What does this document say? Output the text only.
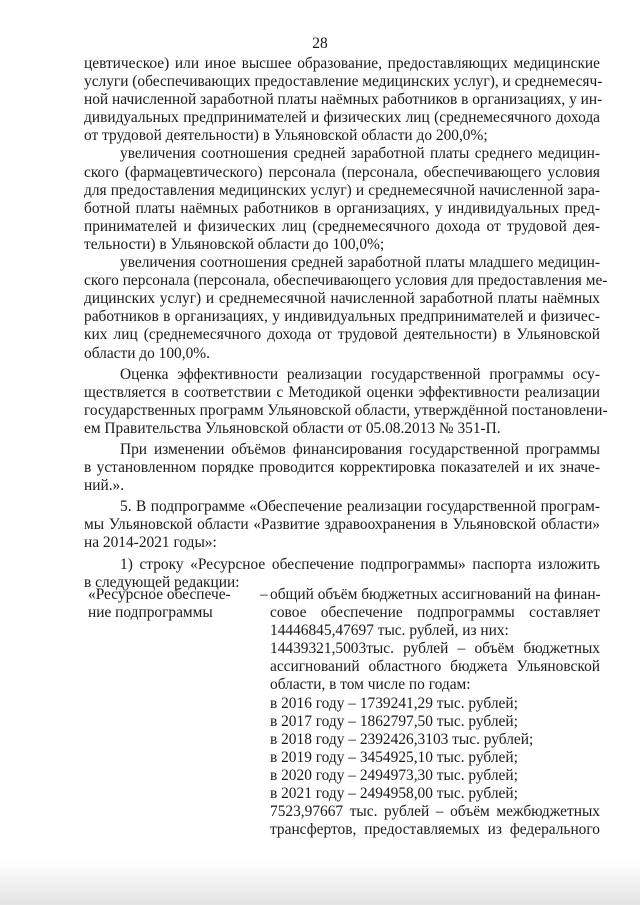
28
цевтическое) или иное высшее образование, предоставляющих медицинские
услуги (обеспечивающих предоставление медицинских услуг), и среднемесяч-
ной начисленной заработной платы наёмных работников в организациях, у ин-
дивидуальных предпринимателей и физических лиц (среднемесячного дохода
от трудовой деятельности) в Ульяновской области до 200,0%;
увеличения соотношения средней заработной платы среднего медицин-
ского (фармацевтического) персонала (персонала, обеспечивающего условия
для предоставления медицинских услуг) и среднемесячной начисленной зара-
ботной платы наёмных работников в организациях, у индивидуальных пред-
принимателей и физических лиц (среднемесячного дохода от трудовой дея-
тельности) в Ульяновской области до 100,0%;
увеличения соотношения средней заработной платы младшего медицин-
ского персонала (персонала, обеспечивающего условия для предоставления ме-
дицинских услуг) и среднемесячной начисленной заработной платы наёмных
работников в организациях, у индивидуальных предпринимателей и физичес-
ких лиц (среднемесячного дохода от трудовой деятельности) в Ульяновской
области до 100,0%.
Оценка эффективности реализации государственной программы осу-
ществляется в соответствии с Методикой оценки эффективности реализации
государственных программ Ульяновской области, утверждённой постановлени-
ем Правительства Ульяновской области от 05.08.2013 № 351-П.
При изменении объёмов финансирования государственной программы
в установленном порядке проводится корректировка показателей и их значе-
ний.».
5. В подпрограмме «Обеспечение реализации государственной програм-
мы Ульяновской области «Развитие здравоохранения в Ульяновской области»
на 2014-2021 годы»:
1) строку «Ресурсное обеспечение подпрограммы» паспорта изложить
в следующей редакции:
«Ресурсное обеспече-
ние подпрограммы
– общий объём бюджетных ассигнований на финан-
совое обеспечение подпрограммы составляет
14446845,47697 тыс. рублей, из них:
14439321,5003тыс. рублей – объём бюджетных
ассигнований областного бюджета Ульяновской
области, в том числе по годам:
в 2016 году – 1739241,29 тыс. рублей;
в 2017 году – 1862797,50 тыс. рублей;
в 2018 году – 2392426,3103 тыс. рублей;
в 2019 году – 3454925,10 тыс. рублей;
в 2020 году – 2494973,30 тыс. рублей;
в 2021 году – 2494958,00 тыс. рублей;
7523,97667 тыс. рублей – объём межбюджетных
трансфертов, предоставляемых из федерального
